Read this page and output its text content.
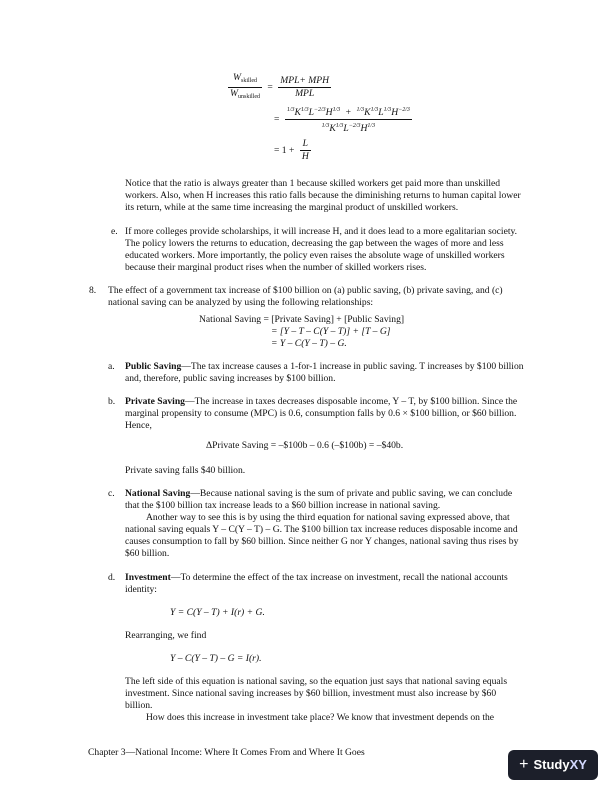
$\frac{W_{skilled}}{W_{unskilled}} = \frac{\text{MPL+ MPH}}{\text{MPL}}$
= $\frac{^{1/3}K^{1/3}L^{-2/3}H^{1/3} + ^{1/3}K^{1/3}L^{1/3}H^{-2/3}}{^{1/3}K^{1/3}L^{-2/3}H^{1/3}}$
= $1 + \frac{L}{H}$
Notice that the ratio is always greater than 1 because skilled workers get paid more than unskilled workers. Also, when H increases this ratio falls because the diminishing returns to human capital lower its return, while at the same time increasing the marginal product of unskilled workers.
e. If more colleges provide scholarships, it will increase H, and it does lead to a more egalitarian society. The policy lowers the returns to education, decreasing the gap between the wages of more and less educated workers. More importantly, the policy even raises the absolute wage of unskilled workers because their marginal product rises when the number of skilled workers rises.
8. The effect of a government tax increase of $100 billion on (a) public saving, (b) private saving, and (c) national saving can be analyzed by using the following relationships:
National Saving = [Private Saving] + [Public Saving]
= [Y – T – C(Y – T)] + [T – G]
= Y – C(Y – T) – G.
a. Public Saving—The tax increase causes a 1-for-1 increase in public saving. T increases by $100 billion and, therefore, public saving increases by $100 billion.
b. Private Saving—The increase in taxes decreases disposable income, Y – T, by $100 billion. Since the marginal propensity to consume (MPC) is 0.6, consumption falls by 0.6 × $100 billion, or $60 billion. Hence,
ΔPrivate Saving = –$100b – 0.6 (–$100b) = –$40b.
Private saving falls $40 billion.
c. National Saving—Because national saving is the sum of private and public saving, we can conclude that the $100 billion tax increase leads to a $60 billion increase in national saving.
Another way to see this is by using the third equation for national saving expressed above, that national saving equals Y – C(Y – T) – G. The $100 billion tax increase reduces disposable income and causes consumption to fall by $60 billion. Since neither G nor Y changes, national saving thus rises by $60 billion.
d. Investment—To determine the effect of the tax increase on investment, recall the national accounts identity:
Y = C(Y – T) + I(r) + G.
Rearranging, we find
Y – C(Y – T) – G = I(r).
The left side of this equation is national saving, so the equation just says that national saving equals investment. Since national saving increases by $60 billion, investment must also increase by $60 billion.
How does this increase in investment take place? We know that investment depends on the
Chapter 3—National Income: Where It Comes From and Where It Goes
+ Study XY
